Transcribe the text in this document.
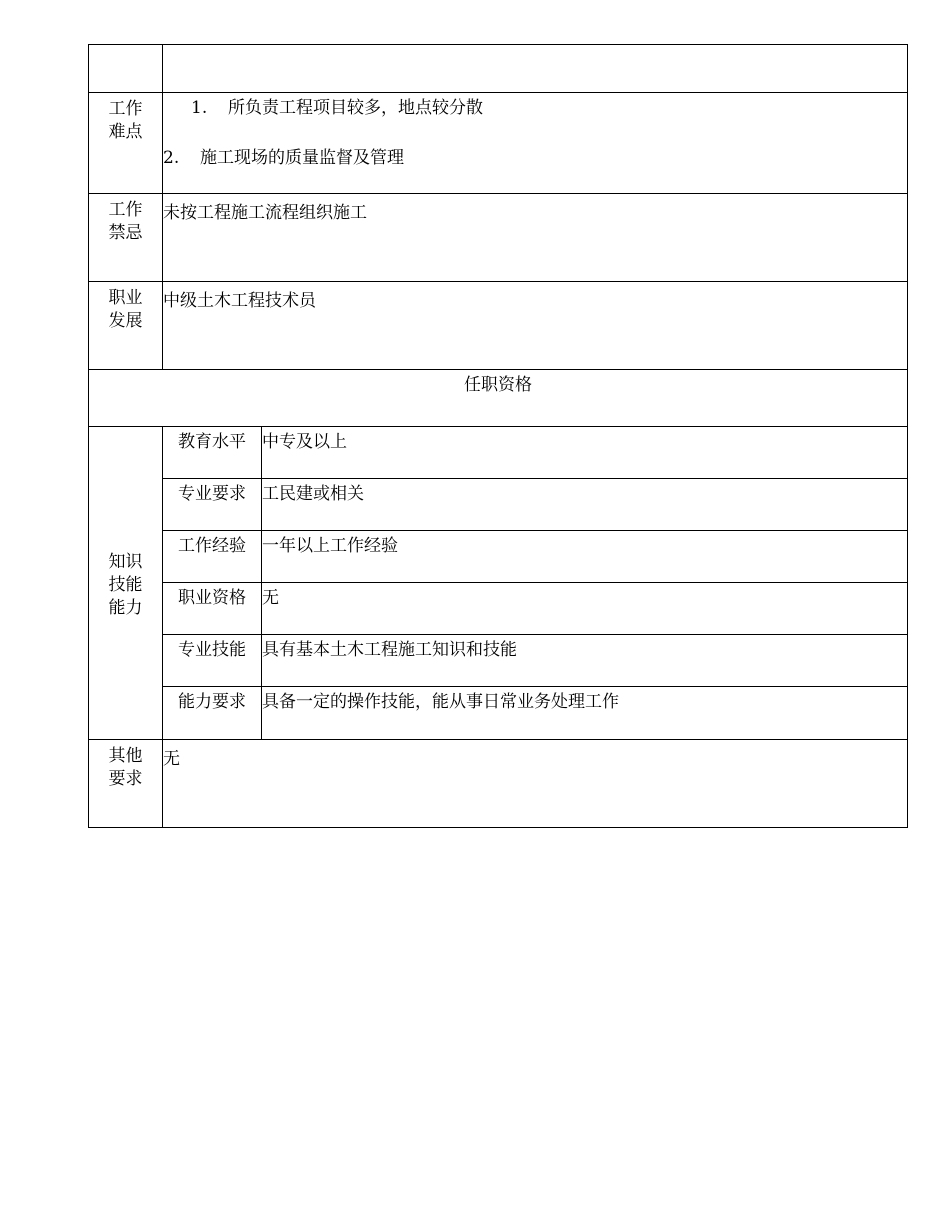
工作
难点	1. 所负责工程项目较多，地点较分散
2. 施工现场的质量监督及管理	

工作
禁忌	未按工程施工流程组织施工	
职业
发展	中级土木工程技术员	
任职资格		
知识
技能
能力	教育水平	中专及以上
	专业要求	工民建或相关
	工作经验	一年以上工作经验
	职业资格	无
	专业技能	具有基本土木工程施工知识和技能
	能力要求	具备一定的操作技能，能从事日常业务处理工作
其他
要求	无	
